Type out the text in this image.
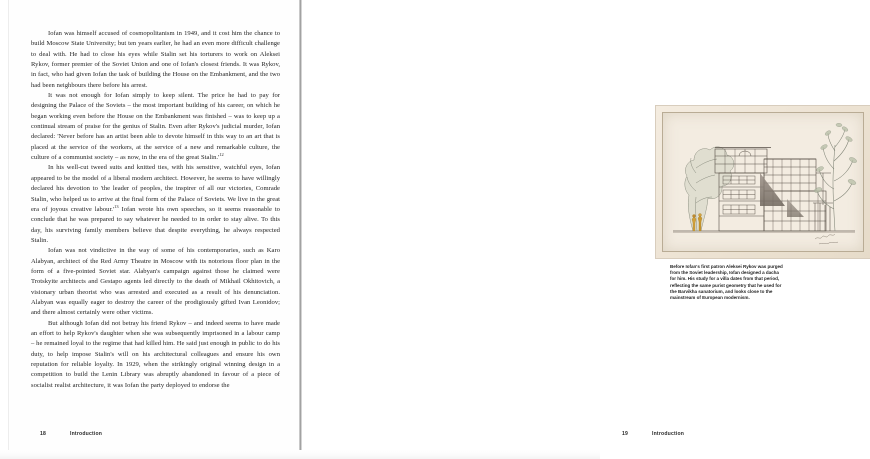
Iofan was himself accused of cosmopolitanism in 1949, and it cost him the chance to build Moscow State University; but ten years earlier, he had an even more difficult challenge to deal with. He had to close his eyes while Stalin set his torturers to work on Aleksei Rykov, former premier of the Soviet Union and one of Iofan's closest friends. It was Rykov, in fact, who had given Iofan the task of building the House on the Embankment, and the two had been neighbours there before his arrest.

It was not enough for Iofan simply to keep silent. The price he had to pay for designing the Palace of the Soviets – the most important building of his career, on which he began working even before the House on the Embankment was finished – was to keep up a continual stream of praise for the genius of Stalin. Even after Rykov's judicial murder, Iofan declared: 'Never before has an artist been able to devote himself in this way to an art that is placed at the service of the workers, at the service of a new and remarkable culture, the culture of a communist society – as now, in the era of the great $Stalin.'^{12}$

In his well-cut tweed suits and knitted ties, with his sensitive, watchful eyes, Iofan appeared to be the model of a liberal modern architect. However, he seems to have willingly declared his devotion to 'the leader of peoples, the inspirer of all our victories, Comrade Stalin, who helped us to arrive at the final form of the Palace of Soviets. We live in the great era of joyous creative $labour.'^{13}$ Iofan wrote his own speeches, so it seems reasonable to conclude that he was prepared to say whatever he needed to in order to stay alive. To this day, his surviving family members believe that despite everything, he always respected Stalin.

Iofan was not vindictive in the way of some of his contemporaries, such as Karo Alabyan, architect of the Red Army Theatre in Moscow with its notorious floor plan in the form of a five-pointed Soviet star. Alabyan's campaign against those he claimed were Trotskyite architects and Gestapo agents led directly to the death of Mikhail Okhitovich, a visionary urban theorist who was arrested and executed as a result of his denunciation. Alabyan was equally eager to destroy the career of the prodigiously gifted Ivan Leonidov; and there almost certainly were other victims.

But although Iofan did not betray his friend Rykov – and indeed seems to have made an effort to help Rykov's daughter when she was subsequently imprisoned in a labour camp – he remained loyal to the regime that had killed him. He said just enough in public to do his duty, to help impose Stalin's will on his architectural colleagues and ensure his own reputation for reliable loyalty. In 1929, when the strikingly original winning design in a competition to build the Lenin Library was abruptly abandoned in favour of a piece of socialist realist architecture, it was Iofan the party deployed to endorse the

18	Introduction
Before Iofan's first patron Aleksei Rykov was purged from the Soviet leadership, Iofan designed a dacha for him. His study for a villa dates from that period, reflecting the same purist geometry that he used for the Barvikha sanatorium, and looks close to the mainstream of European modernism.
19	Introduction
